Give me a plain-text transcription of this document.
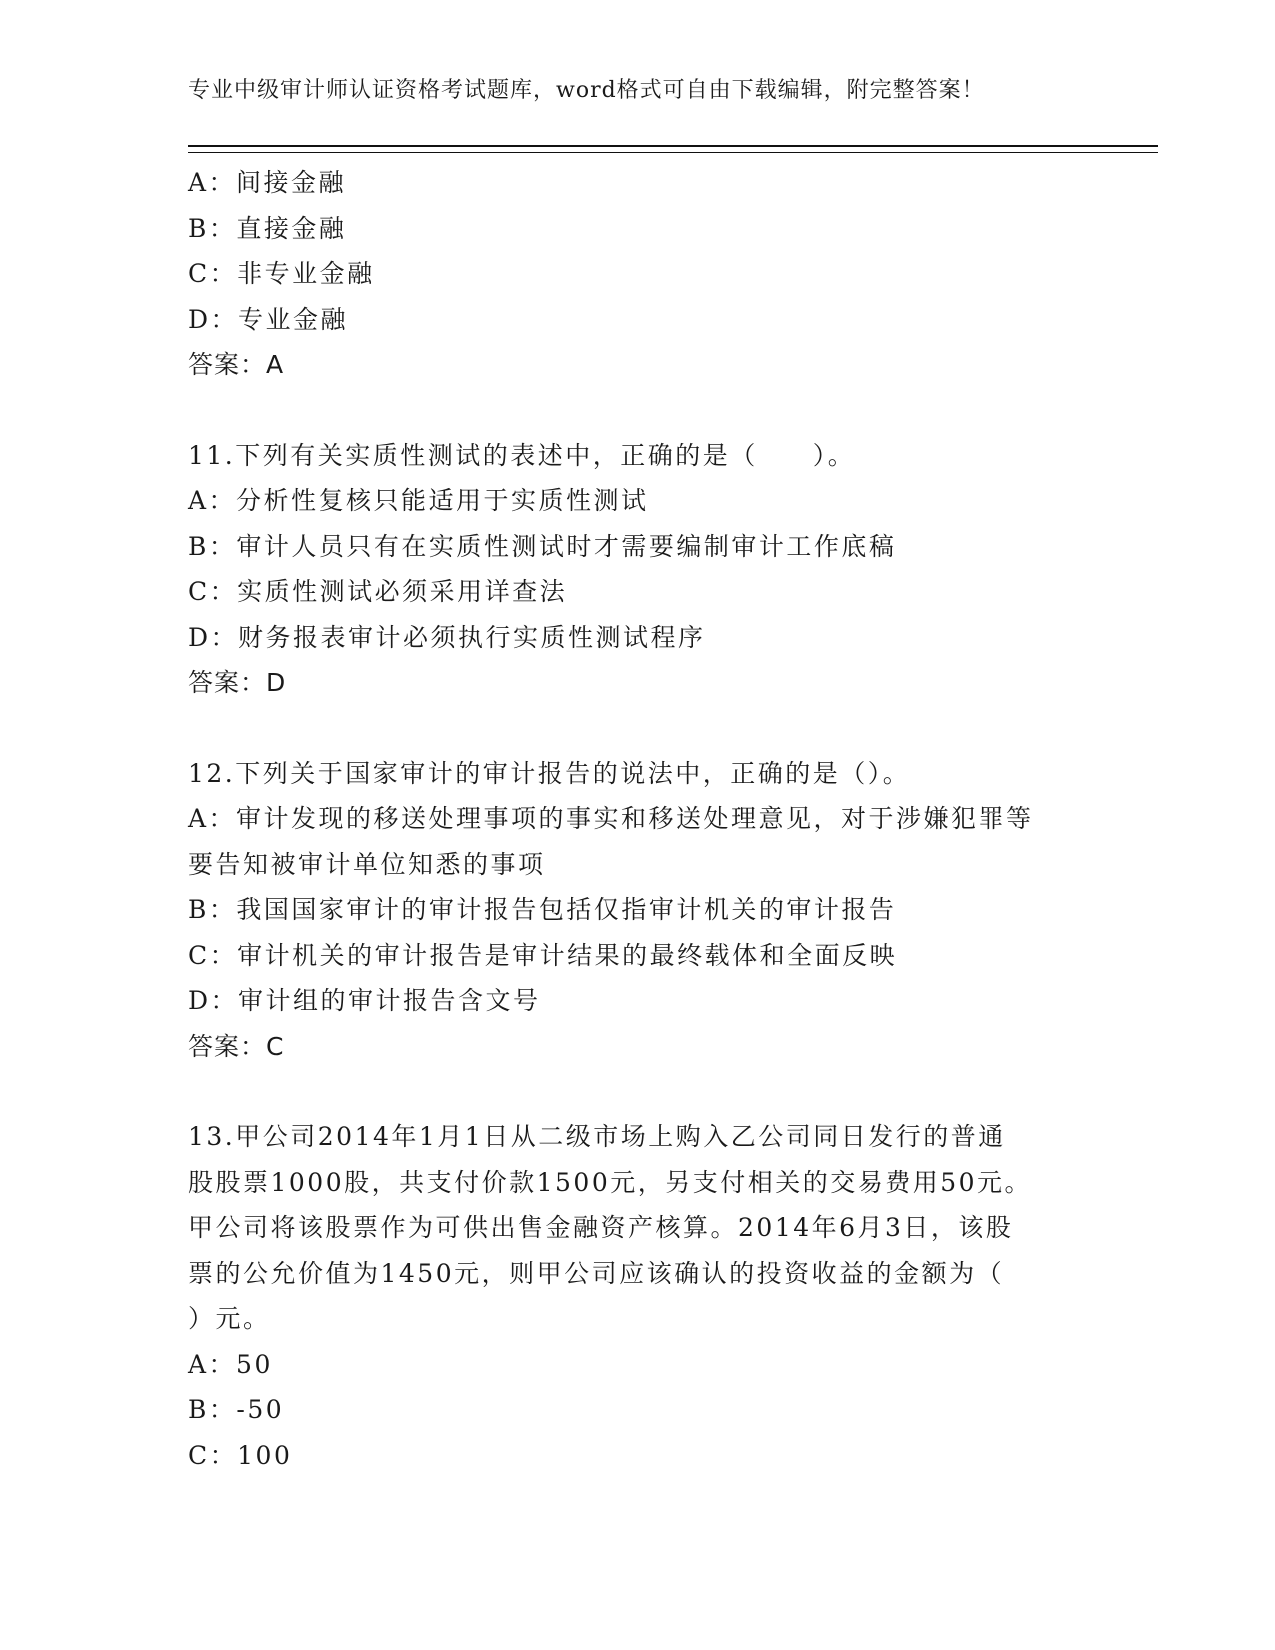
专业中级审计师认证资格考试题库，word格式可自由下载编辑，附完整答案！
A：间接金融
B：直接金融
C：非专业金融
D：专业金融
答案：A
11.下列有关实质性测试的表述中，正确的是（　　）。
A：分析性复核只能适用于实质性测试
B：审计人员只有在实质性测试时才需要编制审计工作底稿
C：实质性测试必须采用详查法
D：财务报表审计必须执行实质性测试程序
答案：D
12.下列关于国家审计的审计报告的说法中，正确的是（）。
A：审计发现的移送处理事项的事实和移送处理意见，对于涉嫌犯罪等
要告知被审计单位知悉的事项
B：我国国家审计的审计报告包括仅指审计机关的审计报告
C：审计机关的审计报告是审计结果的最终载体和全面反映
D：审计组的审计报告含文号
答案：C
13.甲公司2014年1月1日从二级市场上购入乙公司同日发行的普通
股股票1000股，共支付价款1500元，另支付相关的交易费用50元。
甲公司将该股票作为可供出售金融资产核算。2014年6月3日，该股
票的公允价值为1450元，则甲公司应该确认的投资收益的金额为（
）元。
A：50
B：-50
C：100
